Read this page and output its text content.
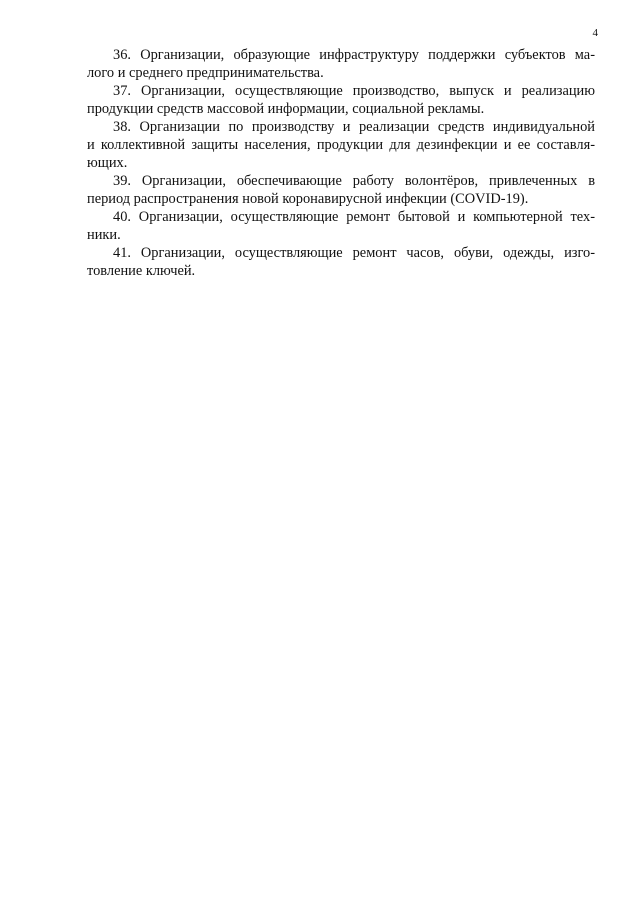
4
36. Организации, образующие инфраструктуру поддержки субъектов ма-
лого и среднего предпринимательства.
37. Организации, осуществляющие производство, выпуск и реализацию
продукции средств массовой информации, социальной рекламы.
38. Организации по производству и реализации средств индивидуальной
и коллективной защиты населения, продукции для дезинфекции и ее составля-
ющих.
39. Организации, обеспечивающие работу волонтёров, привлеченных в
период распространения новой коронавирусной инфекции (COVID-19).
40. Организации, осуществляющие ремонт бытовой и компьютерной тех-
ники.
41. Организации, осуществляющие ремонт часов, обуви, одежды, изго-
товление ключей.
